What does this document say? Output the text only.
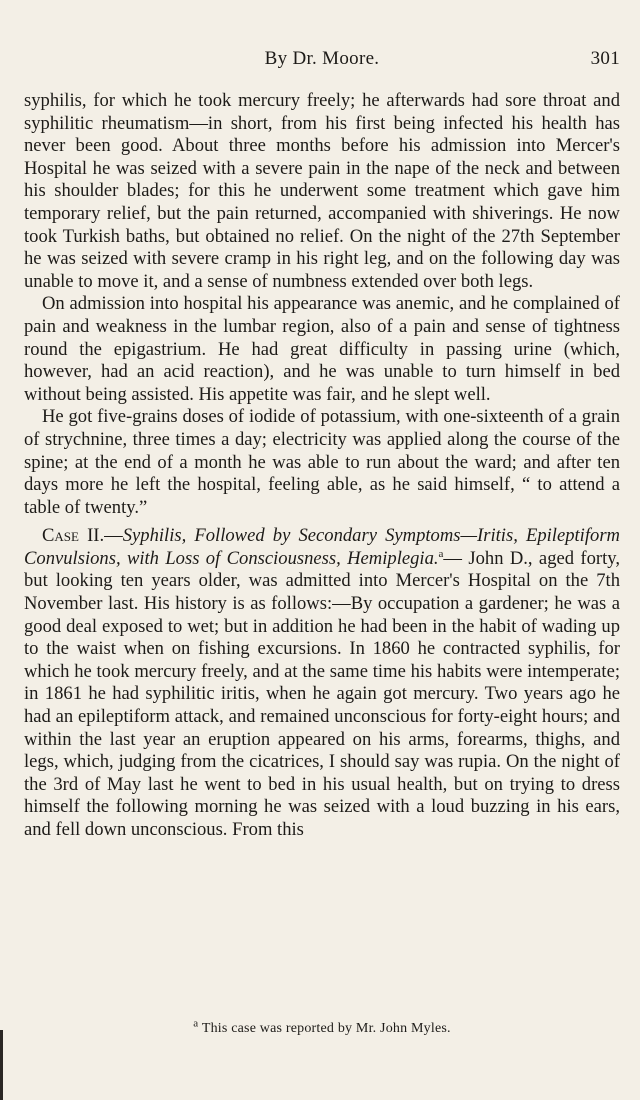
By Dr. Moore.	301

syphilis, for which he took mercury freely; he afterwards had sore throat and syphilitic rheumatism—in short, from his first being infected his health has never been good. About three months before his admission into Mercer's Hospital he was seized with a severe pain in the nape of the neck and between his shoulder blades; for this he underwent some treatment which gave him temporary relief, but the pain returned, accompanied with shiverings. He now took Turkish baths, but obtained no relief. On the night of the 27th September he was seized with severe cramp in his right leg, and on the following day was unable to move it, and a sense of numbness extended over both legs.

On admission into hospital his appearance was anemic, and he complained of pain and weakness in the lumbar region, also of a pain and sense of tightness round the epigastrium. He had great difficulty in passing urine (which, however, had an acid reaction), and he was unable to turn himself in bed without being assisted. His appetite was fair, and he slept well.

He got five-grains doses of iodide of potassium, with one-sixteenth of a grain of strychnine, three times a day; electricity was applied along the course of the spine; at the end of a month he was able to run about the ward; and after ten days more he left the hospital, feeling able, as he said himself, “ to attend a table of twenty.”

Case II.—Syphilis, Followed by Secondary Symptoms—Iritis, Epileptiform Convulsions, with Loss of Consciousness, Hemiplegia.$^a$— John D., aged forty, but looking ten years older, was admitted into Mercer's Hospital on the 7th November last. His history is as follows:—By occupation a gardener; he was a good deal exposed to wet; but in addition he had been in the habit of wading up to the waist when on fishing excursions. In 1860 he contracted syphilis, for which he took mercury freely, and at the same time his habits were intemperate; in 1861 he had syphilitic iritis, when he again got mercury. Two years ago he had an epileptiform attack, and remained unconscious for forty-eight hours; and within the last year an eruption appeared on his arms, forearms, thighs, and legs, which, judging from the cicatrices, I should say was rupia. On the night of the 3rd of May last he went to bed in his usual health, but on trying to dress himself the following morning he was seized with a loud buzzing in his ears, and fell down unconscious. From this

$^a$ This case was reported by Mr. John Myles.
